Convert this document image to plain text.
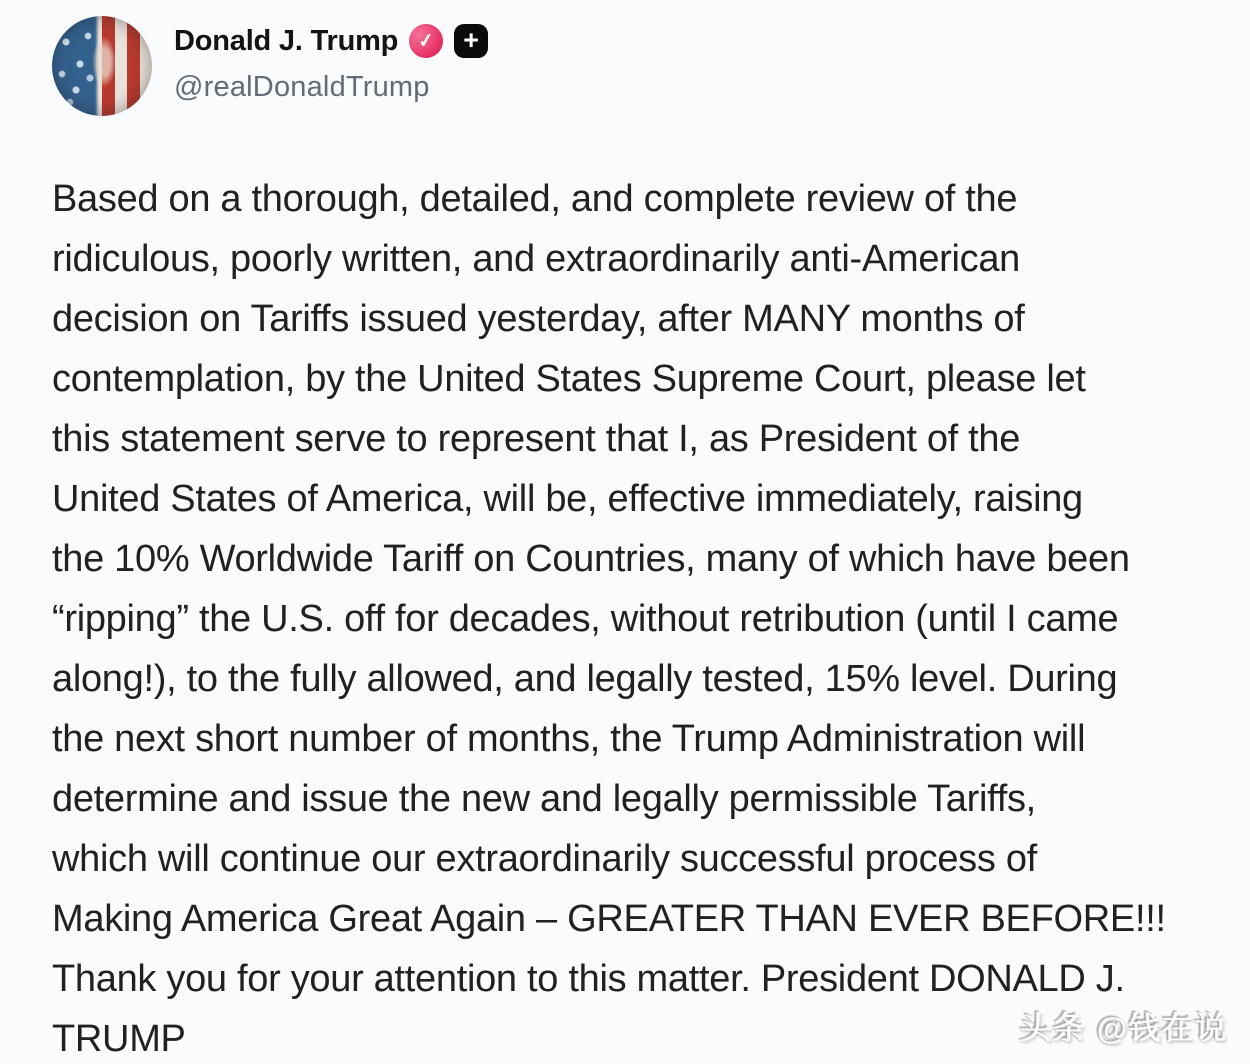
Donald J. Trump ✓	+
@realDonaldTrump
Based on a thorough, detailed, and complete review of the
ridiculous, poorly written, and extraordinarily anti-American
decision on Tariffs issued yesterday, after MANY months of
contemplation, by the United States Supreme Court, please let
this statement serve to represent that I, as President of the
United States of America, will be, effective immediately, raising
the 10% Worldwide Tariff on Countries, many of which have been
“ripping” the U.S. off for decades, without retribution (until I came
along!), to the fully allowed, and legally tested, 15% level. During
the next short number of months, the Trump Administration will
determine and issue the new and legally permissible Tariffs,
which will continue our extraordinarily successful process of
Making America Great Again – GREATER THAN EVER BEFORE!!!
Thank you for your attention to this matter. President DONALD J.
TRUMP	头条 @钱在说
